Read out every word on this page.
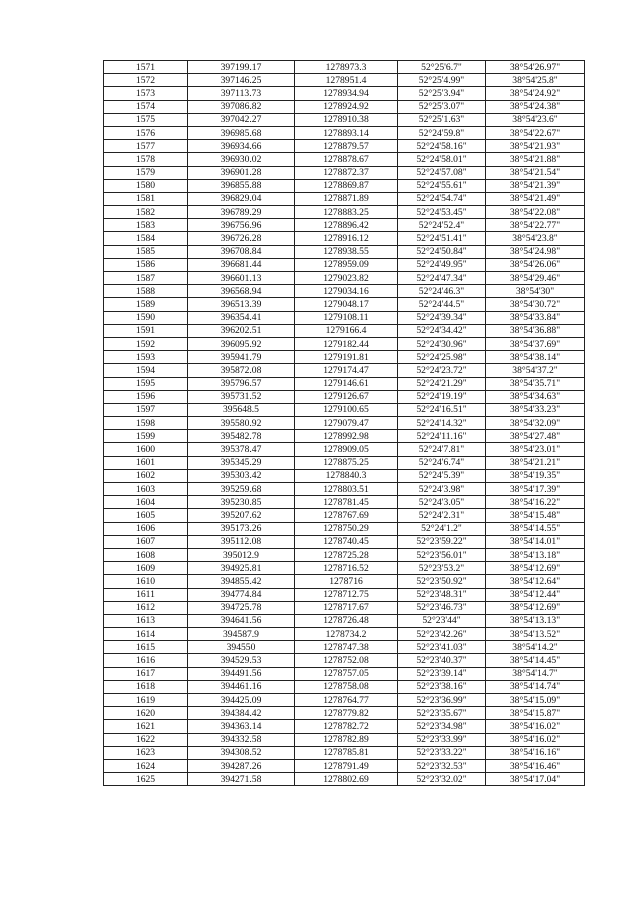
1571	397199.17	1278973.3	52°25'6.7"	38°54'26.97"
1572	397146.25	1278951.4	52°25'4.99"	38°54'25.8"
1573	397113.73	1278934.94	52°25'3.94"	38°54'24.92"
1574	397086.82	1278924.92	52°25'3.07"	38°54'24.38"
1575	397042.27	1278910.38	52°25'1.63"	38°54'23.6"
1576	396985.68	1278893.14	52°24'59.8"	38°54'22.67"
1577	396934.66	1278879.57	52°24'58.16"	38°54'21.93"
1578	396930.02	1278878.67	52°24'58.01"	38°54'21.88"
1579	396901.28	1278872.37	52°24'57.08"	38°54'21.54"
1580	396855.88	1278869.87	52°24'55.61"	38°54'21.39"
1581	396829.04	1278871.89	52°24'54.74"	38°54'21.49"
1582	396789.29	1278883.25	52°24'53.45"	38°54'22.08"
1583	396756.96	1278896.42	52°24'52.4"	38°54'22.77"
1584	396726.28	1278916.12	52°24'51.41"	38°54'23.8"
1585	396708.84	1278938.55	52°24'50.84"	38°54'24.98"
1586	396681.44	1278959.09	52°24'49.95"	38°54'26.06"
1587	396601.13	1279023.82	52°24'47.34"	38°54'29.46"
1588	396568.94	1279034.16	52°24'46.3"	38°54'30"
1589	396513.39	1279048.17	52°24'44.5"	38°54'30.72"
1590	396354.41	1279108.11	52°24'39.34"	38°54'33.84"
1591	396202.51	1279166.4	52°24'34.42"	38°54'36.88"
1592	396095.92	1279182.44	52°24'30.96"	38°54'37.69"
1593	395941.79	1279191.81	52°24'25.98"	38°54'38.14"
1594	395872.08	1279174.47	52°24'23.72"	38°54'37.2"
1595	395796.57	1279146.61	52°24'21.29"	38°54'35.71"
1596	395731.52	1279126.67	52°24'19.19"	38°54'34.63"
1597	395648.5	1279100.65	52°24'16.51"	38°54'33.23"
1598	395580.92	1279079.47	52°24'14.32"	38°54'32.09"
1599	395482.78	1278992.98	52°24'11.16"	38°54'27.48"
1600	395378.47	1278909.05	52°24'7.81"	38°54'23.01"
1601	395345.29	1278875.25	52°24'6.74"	38°54'21.21"
1602	395303.42	1278840.3	52°24'5.39"	38°54'19.35"
1603	395259.68	1278803.51	52°24'3.98"	38°54'17.39"
1604	395230.85	1278781.45	52°24'3.05"	38°54'16.22"
1605	395207.62	1278767.69	52°24'2.31"	38°54'15.48"
1606	395173.26	1278750.29	52°24'1.2"	38°54'14.55"
1607	395112.08	1278740.45	52°23'59.22"	38°54'14.01"
1608	395012.9	1278725.28	52°23'56.01"	38°54'13.18"
1609	394925.81	1278716.52	52°23'53.2"	38°54'12.69"
1610	394855.42	1278716	52°23'50.92"	38°54'12.64"
1611	394774.84	1278712.75	52°23'48.31"	38°54'12.44"
1612	394725.78	1278717.67	52°23'46.73"	38°54'12.69"
1613	394641.56	1278726.48	52°23'44"	38°54'13.13"
1614	394587.9	1278734.2	52°23'42.26"	38°54'13.52"
1615	394550	1278747.38	52°23'41.03"	38°54'14.2"
1616	394529.53	1278752.08	52°23'40.37"	38°54'14.45"
1617	394491.56	1278757.05	52°23'39.14"	38°54'14.7"
1618	394461.16	1278758.08	52°23'38.16"	38°54'14.74"
1619	394425.09	1278764.77	52°23'36.99"	38°54'15.09"
1620	394384.42	1278779.82	52°23'35.67"	38°54'15.87"
1621	394363.14	1278782.72	52°23'34.98"	38°54'16.02"
1622	394332.58	1278782.89	52°23'33.99"	38°54'16.02"
1623	394308.52	1278785.81	52°23'33.22"	38°54'16.16"
1624	394287.26	1278791.49	52°23'32.53"	38°54'16.46"
1625	394271.58	1278802.69	52°23'32.02"	38°54'17.04"
